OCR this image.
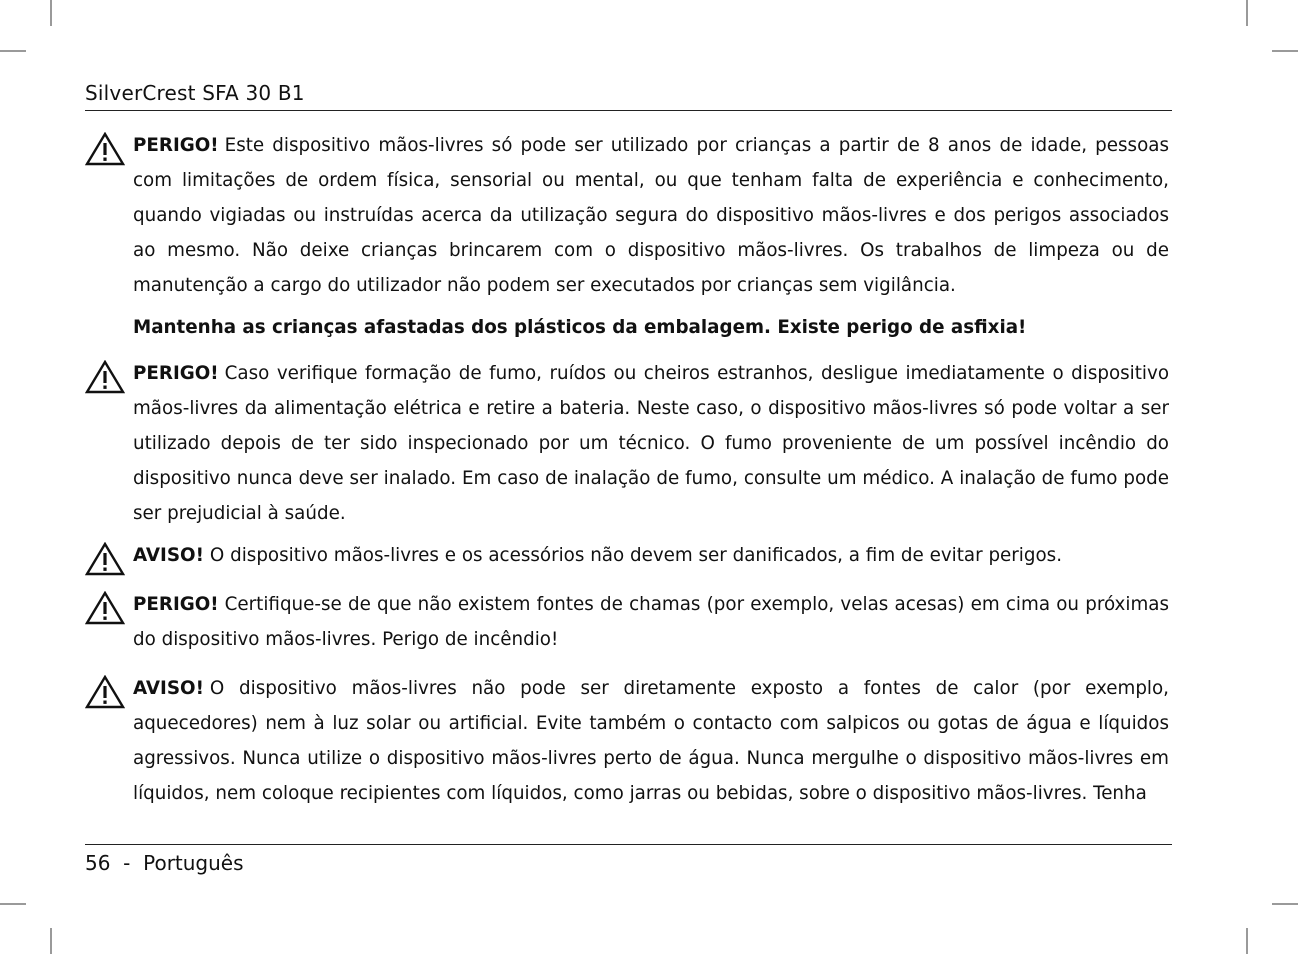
SilverCrest SFA 30 B1

PERIGO! Este dispositivo mãos-livres só pode ser utilizado por crianças a partir de 8 anos de idade, pessoas com limitações de ordem física, sensorial ou mental, ou que tenham falta de experiência e conhecimento, quando vigiadas ou instruídas acerca da utilização segura do dispositivo mãos-livres e dos perigos associados ao mesmo. Não deixe crianças brincarem com o dispositivo mãos-livres. Os trabalhos de limpeza ou de manutenção a cargo do utilizador não podem ser executados por crianças sem vigilância.

Mantenha as crianças afastadas dos plásticos da embalagem. Existe perigo de asfixia!

PERIGO! Caso verifique formação de fumo, ruídos ou cheiros estranhos, desligue imediatamente o dispositivo mãos-livres da alimentação elétrica e retire a bateria. Neste caso, o dispositivo mãos-livres só pode voltar a ser utilizado depois de ter sido inspecionado por um técnico. O fumo proveniente de um possível incêndio do dispositivo nunca deve ser inalado. Em caso de inalação de fumo, consulte um médico. A inalação de fumo pode ser prejudicial à saúde.

AVISO! O dispositivo mãos-livres e os acessórios não devem ser danificados, a fim de evitar perigos.

PERIGO! Certifique-se de que não existem fontes de chamas (por exemplo, velas acesas) em cima ou próximas do dispositivo mãos-livres. Perigo de incêndio!

AVISO! O dispositivo mãos-livres não pode ser diretamente exposto a fontes de calor (por exemplo, aquecedores) nem à luz solar ou artificial. Evite também o contacto com salpicos ou gotas de água e líquidos agressivos. Nunca utilize o dispositivo mãos-livres perto de água. Nunca mergulhe o dispositivo mãos-livres em líquidos, nem coloque recipientes com líquidos, como jarras ou bebidas, sobre o dispositivo mãos-livres. Tenha

56 - Português
